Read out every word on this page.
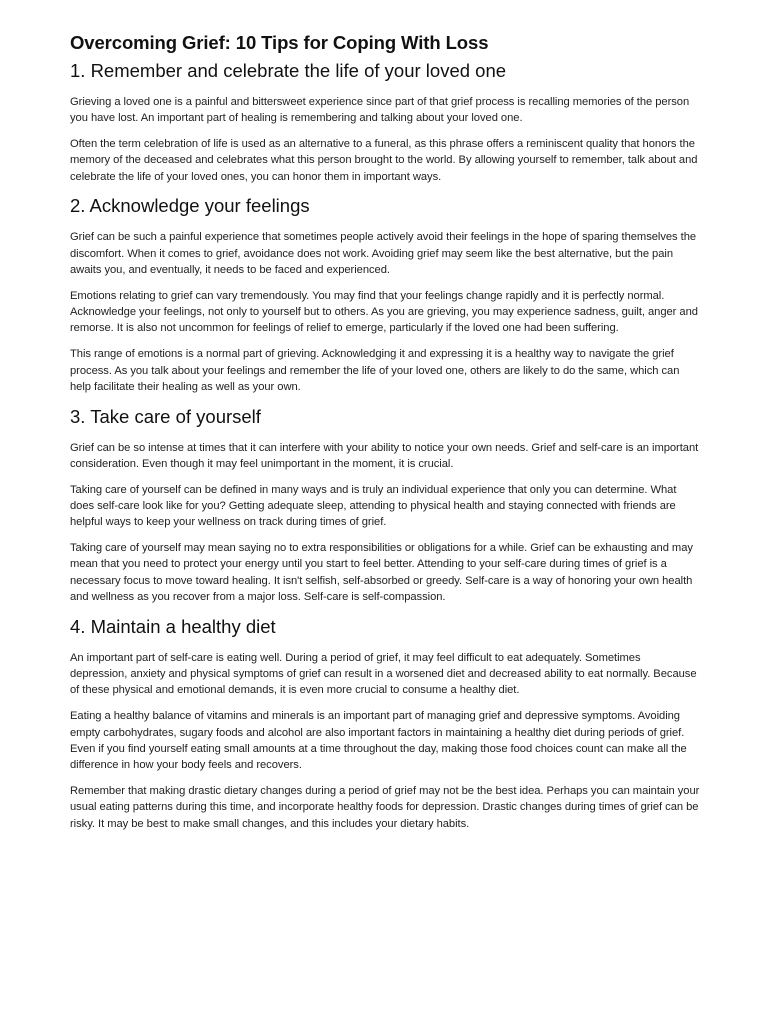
Overcoming Grief: 10 Tips for Coping With Loss
1. Remember and celebrate the life of your loved one

Grieving a loved one is a painful and bittersweet experience since part of that grief process is recalling memories of the person you have lost. An important part of healing is remembering and talking about your loved one.

Often the term celebration of life is used as an alternative to a funeral, as this phrase offers a reminiscent quality that honors the memory of the deceased and celebrates what this person brought to the world. By allowing yourself to remember, talk about and celebrate the life of your loved ones, you can honor them in important ways.

2. Acknowledge your feelings

Grief can be such a painful experience that sometimes people actively avoid their feelings in the hope of sparing themselves the discomfort. When it comes to grief, avoidance does not work. Avoiding grief may seem like the best alternative, but the pain awaits you, and eventually, it needs to be faced and experienced.

Emotions relating to grief can vary tremendously. You may find that your feelings change rapidly and it is perfectly normal. Acknowledge your feelings, not only to yourself but to others. As you are grieving, you may experience sadness, guilt, anger and remorse. It is also not uncommon for feelings of relief to emerge, particularly if the loved one had been suffering.

This range of emotions is a normal part of grieving. Acknowledging it and expressing it is a healthy way to navigate the grief process. As you talk about your feelings and remember the life of your loved one, others are likely to do the same, which can help facilitate their healing as well as your own.

3. Take care of yourself

Grief can be so intense at times that it can interfere with your ability to notice your own needs. Grief and self-care is an important consideration. Even though it may feel unimportant in the moment, it is crucial.

Taking care of yourself can be defined in many ways and is truly an individual experience that only you can determine. What does self-care look like for you? Getting adequate sleep, attending to physical health and staying connected with friends are helpful ways to keep your wellness on track during times of grief.

Taking care of yourself may mean saying no to extra responsibilities or obligations for a while. Grief can be exhausting and may mean that you need to protect your energy until you start to feel better. Attending to your self-care during times of grief is a necessary focus to move toward healing. It isn't selfish, self-absorbed or greedy. Self-care is a way of honoring your own health and wellness as you recover from a major loss. Self-care is self-compassion.

4. Maintain a healthy diet

An important part of self-care is eating well. During a period of grief, it may feel difficult to eat adequately. Sometimes depression, anxiety and physical symptoms of grief can result in a worsened diet and decreased ability to eat normally. Because of these physical and emotional demands, it is even more crucial to consume a healthy diet.

Eating a healthy balance of vitamins and minerals is an important part of managing grief and depressive symptoms. Avoiding empty carbohydrates, sugary foods and alcohol are also important factors in maintaining a healthy diet during periods of grief. Even if you find yourself eating small amounts at a time throughout the day, making those food choices count can make all the difference in how your body feels and recovers.

Remember that making drastic dietary changes during a period of grief may not be the best idea. Perhaps you can maintain your usual eating patterns during this time, and incorporate healthy foods for depression. Drastic changes during times of grief can be risky. It may be best to make small changes, and this includes your dietary habits.
